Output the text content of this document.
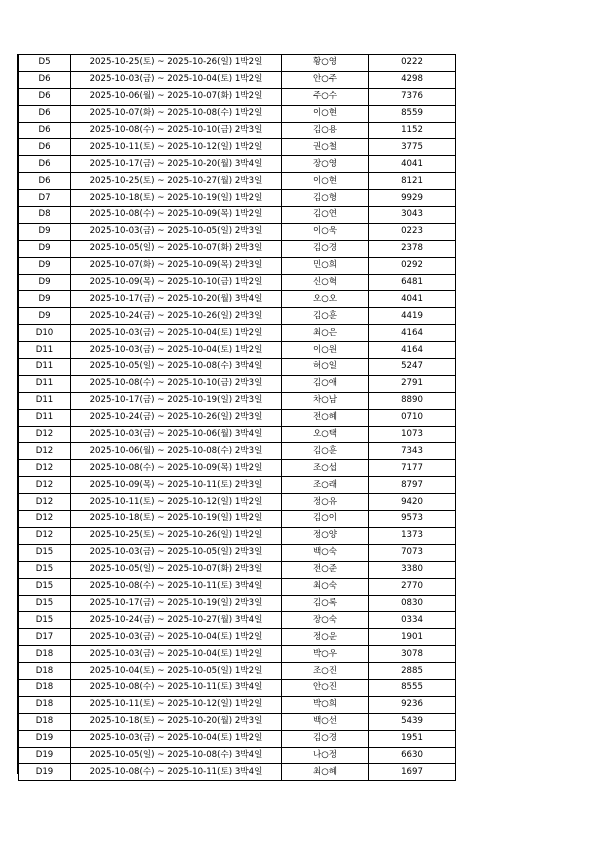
D5	2025-10-25(토) ~ 2025-10-26(일) 1박2일	황○영	0222
D6	2025-10-03(금) ~ 2025-10-04(토) 1박2일	안○주	4298
D6	2025-10-06(월) ~ 2025-10-07(화) 1박2일	주○수	7376
D6	2025-10-07(화) ~ 2025-10-08(수) 1박2일	이○현	8559
D6	2025-10-08(수) ~ 2025-10-10(금) 2박3일	김○용	1152
D6	2025-10-11(토) ~ 2025-10-12(일) 1박2일	권○철	3775
D6	2025-10-17(금) ~ 2025-10-20(월) 3박4일	장○영	4041
D6	2025-10-25(토) ~ 2025-10-27(월) 2박3일	이○현	8121
D7	2025-10-18(토) ~ 2025-10-19(일) 1박2일	김○형	9929
D8	2025-10-08(수) ~ 2025-10-09(목) 1박2일	김○연	3043
D9	2025-10-03(금) ~ 2025-10-05(일) 2박3일	이○욱	0223
D9	2025-10-05(일) ~ 2025-10-07(화) 2박3일	김○경	2378
D9	2025-10-07(화) ~ 2025-10-09(목) 2박3일	민○희	0292
D9	2025-10-09(목) ~ 2025-10-10(금) 1박2일	신○혁	6481
D9	2025-10-17(금) ~ 2025-10-20(월) 3박4일	오○오	4041
D9	2025-10-24(금) ~ 2025-10-26(일) 2박3일	김○훈	4419
D10	2025-10-03(금) ~ 2025-10-04(토) 1박2일	최○은	4164
D11	2025-10-03(금) ~ 2025-10-04(토) 1박2일	이○원	4164
D11	2025-10-05(일) ~ 2025-10-08(수) 3박4일	허○일	5247
D11	2025-10-08(수) ~ 2025-10-10(금) 2박3일	김○애	2791
D11	2025-10-17(금) ~ 2025-10-19(일) 2박3일	차○남	8890
D11	2025-10-24(금) ~ 2025-10-26(일) 2박3일	전○혜	0710
D12	2025-10-03(금) ~ 2025-10-06(월) 3박4일	오○택	1073
D12	2025-10-06(월) ~ 2025-10-08(수) 2박3일	김○훈	7343
D12	2025-10-08(수) ~ 2025-10-09(목) 1박2일	조○섭	7177
D12	2025-10-09(목) ~ 2025-10-11(토) 2박3일	조○래	8797
D12	2025-10-11(토) ~ 2025-10-12(일) 1박2일	정○유	9420
D12	2025-10-18(토) ~ 2025-10-19(일) 1박2일	김○이	9573
D12	2025-10-25(토) ~ 2025-10-26(일) 1박2일	정○양	1373
D15	2025-10-03(금) ~ 2025-10-05(일) 2박3일	백○숙	7073
D15	2025-10-05(일) ~ 2025-10-07(화) 2박3일	전○준	3380
D15	2025-10-08(수) ~ 2025-10-11(토) 3박4일	최○숙	2770
D15	2025-10-17(금) ~ 2025-10-19(일) 2박3일	김○록	0830
D15	2025-10-24(금) ~ 2025-10-27(월) 3박4일	장○숙	0334
D17	2025-10-03(금) ~ 2025-10-04(토) 1박2일	정○운	1901
D18	2025-10-03(금) ~ 2025-10-04(토) 1박2일	박○우	3078
D18	2025-10-04(토) ~ 2025-10-05(일) 1박2일	조○진	2885
D18	2025-10-08(수) ~ 2025-10-11(토) 3박4일	안○진	8555
D18	2025-10-11(토) ~ 2025-10-12(일) 1박2일	박○희	9236
D18	2025-10-18(토) ~ 2025-10-20(월) 2박3일	백○선	5439
D19	2025-10-03(금) ~ 2025-10-04(토) 1박2일	김○경	1951
D19	2025-10-05(일) ~ 2025-10-08(수) 3박4일	나○정	6630
D19	2025-10-08(수) ~ 2025-10-11(토) 3박4일	최○혜	1697
